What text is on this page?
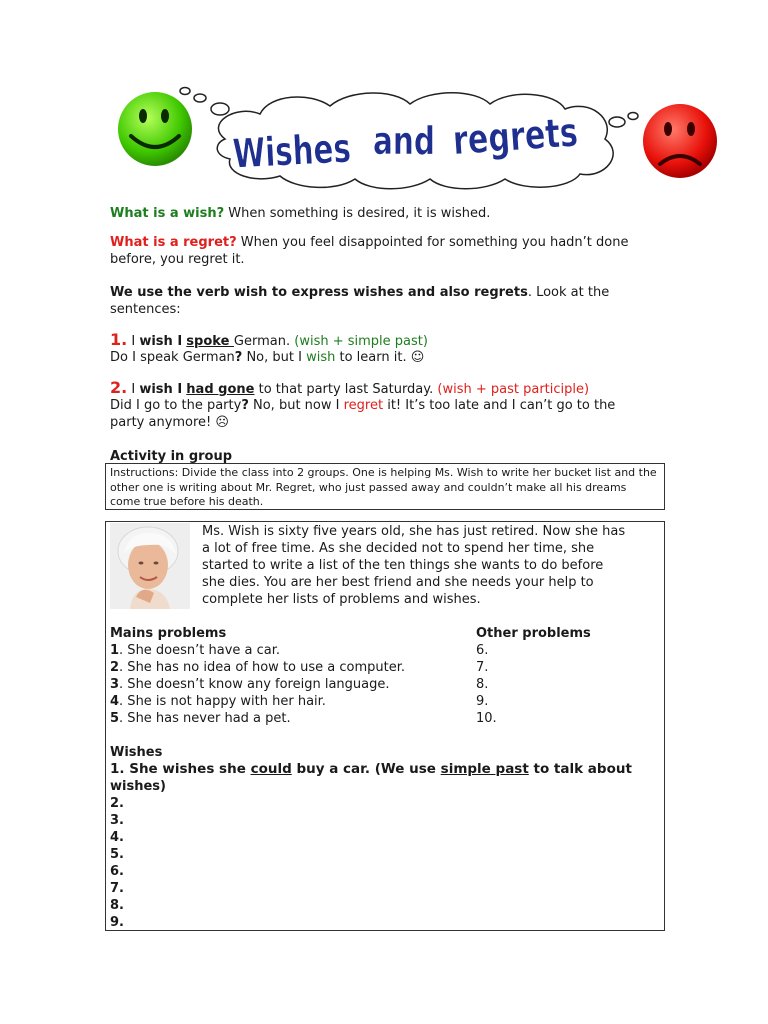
Wishes
and regrets
What is a wish? When something is desired, it is wished.
What is a regret? When you feel disappointed for something you hadn’t done
before, you regret it.
We use the verb wish to express wishes and also regrets. Look at the
sentences:
1. I wish I spoke German. (wish + simple past)
Do I speak German? No, but I wish to learn it. ☺
2. I wish I had gone to that party last Saturday. (wish + past participle)
Did I go to the party? No, but now I regret it! It’s too late and I can’t go to the
party anymore! ☹
Activity in group
Instructions: Divide the class into 2 groups. One is helping Ms. Wish to write her bucket list and the other one is writing about Mr. Regret, who just passed away and couldn’t make all his dreams come true before his death.
Ms. Wish is sixty five years old, she has just retired. Now she has
a lot of free time. As she decided not to spend her time, she
started to write a list of the ten things she wants to do before
she dies. You are her best friend and she needs your help to
complete her lists of problems and wishes.
Mains problems	Other problems
1. She doesn’t have a car.
2. She has no idea of how to use a computer.
3. She doesn’t know any foreign language.
4. She is not happy with her hair.
5. She has never had a pet.
6.
7.
8.
9.
10.
Wishes
1. She wishes she could buy a car. (We use simple past to talk about
wishes)
2.
3.
4.
5.
6.
7.
8.
9.
